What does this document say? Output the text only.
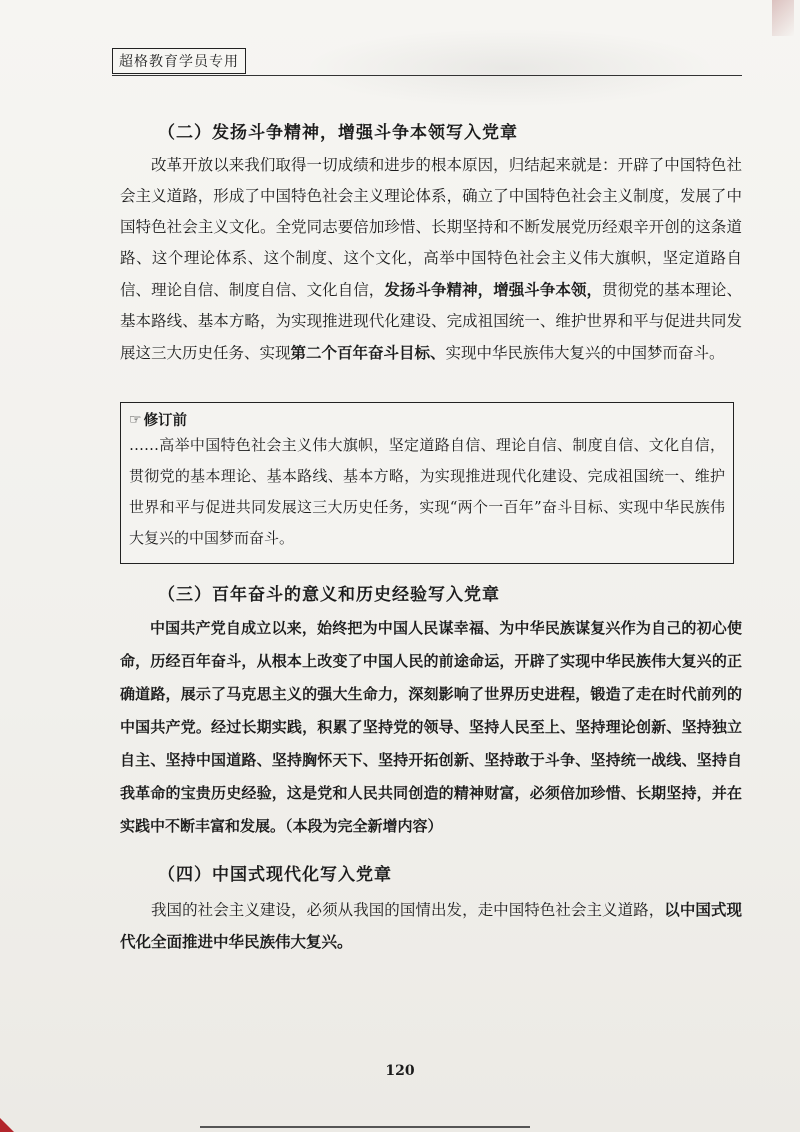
超格教育学员专用
（二）发扬斗争精神，增强斗争本领写入党章
改革开放以来我们取得一切成绩和进步的根本原因，归结起来就是：开辟了中国特色社会主义道路，形成了中国特色社会主义理论体系，确立了中国特色社会主义制度，发展了中国特色社会主义文化。全党同志要倍加珍惜、长期坚持和不断发展党历经艰辛开创的这条道路、这个理论体系、这个制度、这个文化，高举中国特色社会主义伟大旗帜，坚定道路自信、理论自信、制度自信、文化自信，发扬斗争精神，增强斗争本领，贯彻党的基本理论、基本路线、基本方略，为实现推进现代化建设、完成祖国统一、维护世界和平与促进共同发展这三大历史任务、实现第二个百年奋斗目标、实现中华民族伟大复兴的中国梦而奋斗。
☞ 修订前
……高举中国特色社会主义伟大旗帜，坚定道路自信、理论自信、制度自信、文化自信，贯彻党的基本理论、基本路线、基本方略，为实现推进现代化建设、完成祖国统一、维护世界和平与促进共同发展这三大历史任务，实现“两个一百年”奋斗目标、实现中华民族伟大复兴的中国梦而奋斗。
（三）百年奋斗的意义和历史经验写入党章
中国共产党自成立以来，始终把为中国人民谋幸福、为中华民族谋复兴作为自己的初心使命，历经百年奋斗，从根本上改变了中国人民的前途命运，开辟了实现中华民族伟大复兴的正确道路，展示了马克思主义的强大生命力，深刻影响了世界历史进程，锻造了走在时代前列的中国共产党。经过长期实践，积累了坚持党的领导、坚持人民至上、坚持理论创新、坚持独立自主、坚持中国道路、坚持胸怀天下、坚持开拓创新、坚持敢于斗争、坚持统一战线、坚持自我革命的宝贵历史经验，这是党和人民共同创造的精神财富，必须倍加珍惜、长期坚持，并在实践中不断丰富和发展。（本段为完全新增内容）
（四）中国式现代化写入党章
我国的社会主义建设，必须从我国的国情出发，走中国特色社会主义道路，以中国式现代化全面推进中华民族伟大复兴。
120
